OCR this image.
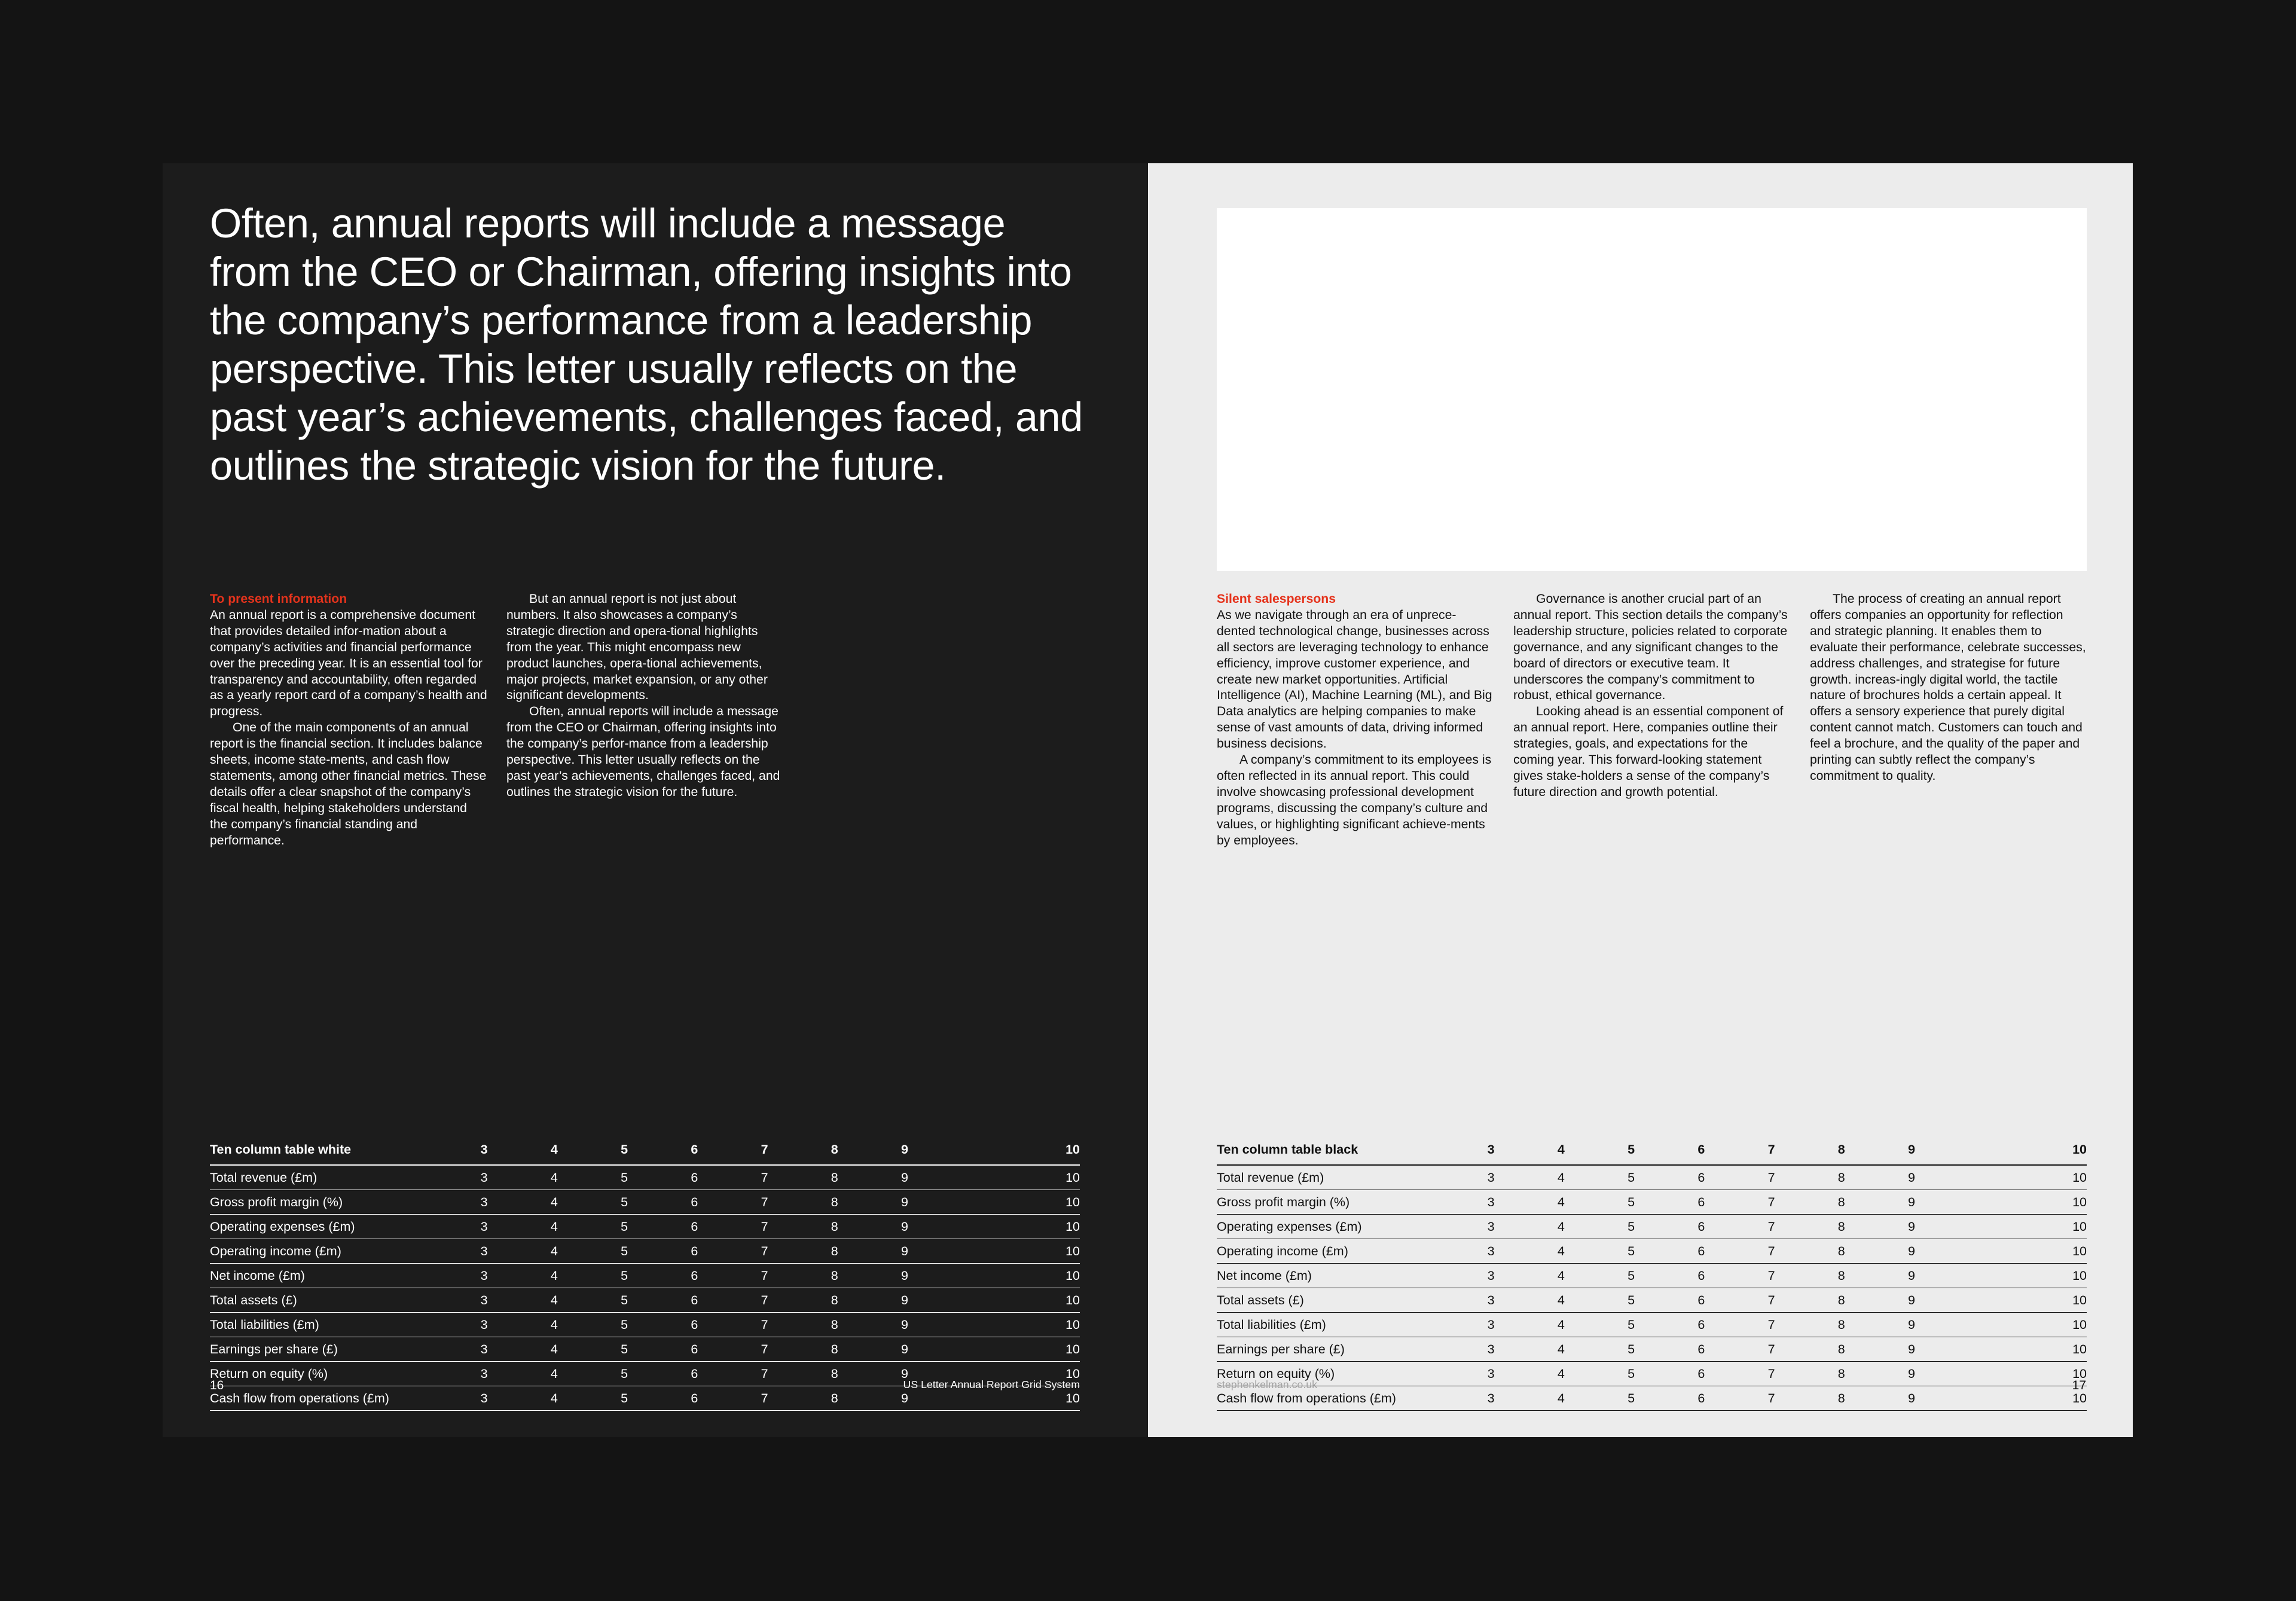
Often, annual reports will include a message from the CEO or Chairman, offering insights into the company’s performance from a leadership perspective. This letter usually reflects on the past year’s achievements, challenges faced, and outlines the strategic vision for the future.
To present information

An annual report is a comprehensive document that provides detailed infor-mation about a company’s activities and financial performance over the preceding year. It is an essential tool for transparency and accountability, often regarded as a yearly report card of a company’s health and progress.

One of the main components of an annual report is the financial section. It includes balance sheets, income state-ments, and cash flow statements, among other financial metrics. These details offer a clear snapshot of the company’s fiscal health, helping stakeholders understand the company’s financial standing and performance.

But an annual report is not just about numbers. It also showcases a company’s strategic direction and opera-tional highlights from the year. This might encompass new product launches, opera-tional achievements, major projects, market expansion, or any other significant developments.

Often, annual reports will include a message from the CEO or Chairman, offering insights into the company’s perfor-mance from a leadership perspective. This letter usually reflects on the past year’s achievements, challenges faced, and outlines the strategic vision for the future.

Ten column table white	3	4	5	6	7	8	9	10
Total revenue (£m)	3	4	5	6	7	8	9	10
Gross profit margin (%)	3	4	5	6	7	8	9	10
Operating expenses (£m)	3	4	5	6	7	8	9	10
Operating income (£m)	3	4	5	6	7	8	9	10
Net income (£m)	3	4	5	6	7	8	9	10
Total assets (£)	3	4	5	6	7	8	9	10
Total liabilities (£m)	3	4	5	6	7	8	9	10
Earnings per share (£)	3	4	5	6	7	8	9	10
Return on equity (%)	3	4	5	6	7	8	9	10
Cash flow from operations (£m)	3	4	5	6	7	8	9	10
16	US Letter Annual Report Grid System
Silent salespersons

As we navigate through an era of unprece-dented technological change, businesses across all sectors are leveraging technology to enhance efficiency, improve customer experience, and create new market opportunities. Artificial Intelligence (AI), Machine Learning (ML), and Big Data analytics are helping companies to make sense of vast amounts of data, driving informed business decisions.

A company’s commitment to its employees is often reflected in its annual report. This could involve showcasing professional development programs, discussing the company’s culture and values, or highlighting significant achieve-ments by employees.

Governance is another crucial part of an annual report. This section details the company’s leadership structure, policies related to corporate governance, and any significant changes to the board of directors or executive team. It underscores the company’s commitment to robust, ethical governance.

Looking ahead is an essential component of an annual report. Here, companies outline their strategies, goals, and expectations for the coming year. This forward-looking statement gives stake-holders a sense of the company’s future direction and growth potential.

The process of creating an annual report offers companies an opportunity for reflection and strategic planning. It enables them to evaluate their performance, celebrate successes, address challenges, and strategise for future growth. increas-ingly digital world, the tactile nature of brochures holds a certain appeal. It offers a sensory experience that purely digital content cannot match. Customers can touch and feel a brochure, and the quality of the paper and printing can subtly reflect the company’s commitment to quality.

Ten column table black	3	4	5	6	7	8	9	10
Total revenue (£m)	3	4	5	6	7	8	9	10
Gross profit margin (%)	3	4	5	6	7	8	9	10
Operating expenses (£m)	3	4	5	6	7	8	9	10
Operating income (£m)	3	4	5	6	7	8	9	10
Net income (£m)	3	4	5	6	7	8	9	10
Total assets (£)	3	4	5	6	7	8	9	10
Total liabilities (£m)	3	4	5	6	7	8	9	10
Earnings per share (£)	3	4	5	6	7	8	9	10
Return on equity (%)	3	4	5	6	7	8	9	10
Cash flow from operations (£m)	3	4	5	6	7	8	9	10
stephenkelman.co.uk	17
